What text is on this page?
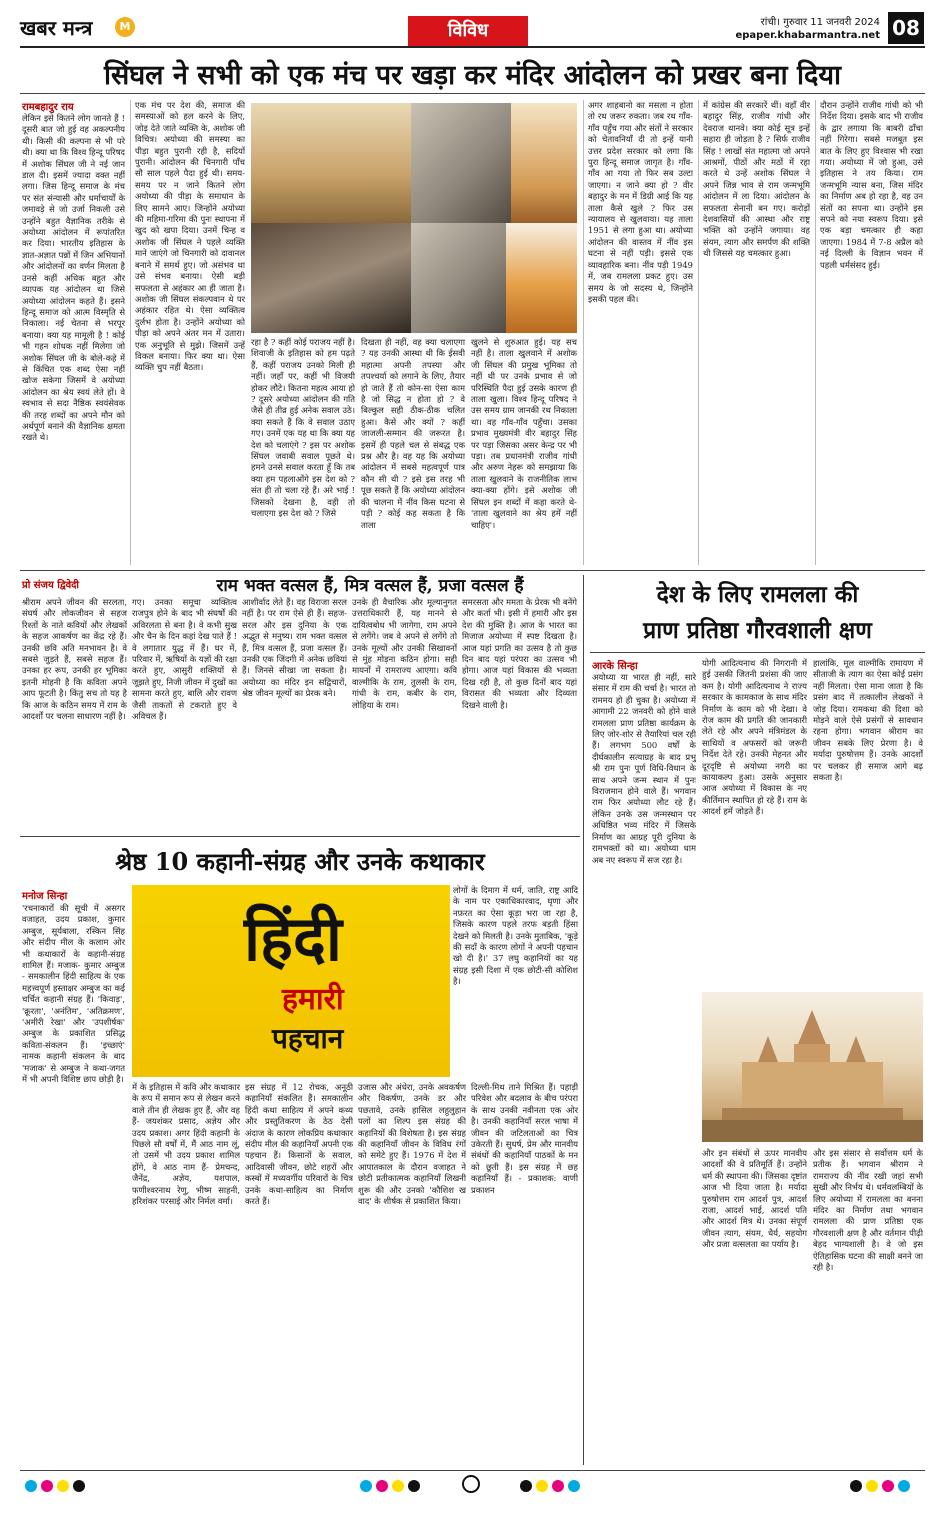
खबर मन्त्र	M	विविध	रांची। गुरुवार 11 जनवरी 2024
epaper.khabarmantra.net 08
सिंघल ने सभी को एक मंच पर खड़ा कर मंदिर आंदोलन को प्रखर बना दिया
रामबहादुर राय
लेकिन इसे कितने लोग जानते हैं ! दूसरी बात जो हुई वह अकल्पनीय थी। किसी की कल्पना से भी परे थी। क्या था कि विश्व हिन्दू परिषद में अशोक सिंघल जी ने नई जान डाल दी। इसमें ज्यादा वक्त नहीं लगा। जिस हिन्दू समाज के मंच पर संत संन्यासी और धर्माचार्यों के जमावड़े से जो उर्जा निकली उसे उन्होंने बहुत वैज्ञानिक तरीके से अयोध्या आंदोलन में रूपांतरित कर दिया। भारतीय इतिहास के ज्ञात-अज्ञात पन्नों में जिन अभियानों और आंदोलनों का वर्णन मिलता है उनसे कहीं अधिक बहुत और व्यापक यह आंदोलन था जिसे अयोध्या आंदोलन कहते हैं। इसने हिन्दू समाज को आत्म विस्मृति से निकाला। नई चेतना से भरपूर बनाया। क्या यह मामूली है ! कोई भी गहन शोधक नहीं मिलेगा जो अशोक सिंघल जी के बोले-कहे में से किंचित एक शब्द ऐसा नहीं खोज सकेगा जिसमें वे अयोध्या आंदोलन का श्रेय स्वयं लेते हों। वे स्वभाव से सदा नैष्ठिक स्वयंसेवक की तरह शब्दों का अपने मौन को अर्थपूर्ण बनाने की वैज्ञानिक क्षमता रखते थे।
एक मंच पर देश की, समाज की समस्याओं को हल करने के लिए, जोड़ देते जाते व्यक्ति के, अशोक जी विचित्र। अयोध्या की समस्या का पीड़ा बहुत पुरानी रही है, सदियों पुरानी। आंदोलन की चिनगारी पाँच सौ साल पहले पैदा हुई थी। समय-समय पर न जाने कितने लोग अयोध्या की पीड़ा के समाधान के लिए सामने आए। जिन्होंने अयोध्या की महिमा-गरिमा की पुनः स्थापना में खुद को खपा दिया। उनमें चिन्ह व अशोक जी सिंघल ने पहले व्यक्ति माने जाएंगे जो चिनगारी को दावानल बनाने में समर्थ हुए। जो असंभव था उसे संभव बनाया। ऐसी बड़ी सफलता से अहंकार आ ही जाता है। अशोक जी सिंघल संकल्पवान थे पर अहंकार रहित थे। ऐसा व्यक्तित्व दुर्लभ होता है। उन्होंने अयोध्या को पीड़ा को अपने अंतर मन में उतारा। एक अनुभूति से मुझे। जिसमें उन्हें विकल बनाया। फिर क्या था। ऐसा व्यक्ति चुप नहीं बैठता।
रहा है ? कहीं कोई पराजय नहीं है। शिवाजी के इतिहास को हम पढ़ते हैं, कहीं पराजय उनको मिली ही नहीं। जहाँ पर, कहीं भी विजयी होकर लौटे। कितना महत्व आया हो ? दूसरे अयोध्या आंदोलन की गति जैसे ही तीव्र हुई अनेक सवाल उठे। क्या सकते हैं कि वे सवाल उठाए गए। उनमें एक यह था कि क्या यह देश को चलाएंगे ? इस पर अशोक सिंघल जवाबी सवाल पूछते थे। हमने उनसे सवाल करता हूँ कि तब क्या हम पहलाओंगे इस देश को ? संत ही तो चला रहे हैं। अरे भाई ! जिसको देखना है, वही तो चलाएगा इस देश को ? जिसे
दिखता ही नहीं, वह क्या चलाएगा ? यह उनकी आस्था थी कि ईसवी महात्मा अपनी तपस्या और तपश्चर्या को लगाने के लिए, तैयार हो जाते हैं तो कोन-सा ऐसा काम है जो सिद्ध न होता हो ? वे बिल्कुल सही ठीक-ठीक चलित हुआ। कैसे और क्यों ? कहीं जाजली-सम्मान की जरूरत है। इसमें ही पहले चल से संबद्ध एक प्रश्न और है। वह यह कि अयोध्या आंदोलन में सबसे महत्वपूर्ण पात्र कौन सी थी ? इसे इस तरह भी पूछ सकते हैं कि अयोध्या आंदोलन की चालना में नींव किस घटना से पड़ी ? कोई कह सकता है कि ताला
खुलने से शुरुआत हुई। यह सच नहीं है। ताला खुलवाने में अशोक जी सिंघल की प्रमुख भूमिका तो नहीं थी पर उनके प्रभाव से जो परिस्थिति पैदा हुई उसके कारण ही ताला खुला। विश्व हिन्दू परिषद ने उस समय ग्राम जानकी रथ निकाला था। वह गाँव-गाँव पहुँचा। उसका प्रभाव मुख्यमंत्री वीर बहादुर सिंह पर पड़ा जिसका असर केन्द्र पर भी पड़ा। तब प्रधानमंत्री राजीव गांधी और अरुण नेहरू को समझाया कि ताला खुलवाने के राजनीतिक लाभ क्या-क्या होंगे। इसे अशोक जी सिंघल इन शब्दों में कहा करते थे- 'ताला खुलवाने का श्रेय हमें नहीं चाहिए'।
अगर शाहबानो का मसला न होता तो रथ जरूर रुकता। जब रथ गाँव-गाँव पहुँच गया और संतों ने सरकार को चेतावनियाँ दी तो इन्हें यानी उत्तर प्रदेश सरकार को लगा कि पुरा हिन्दू समाज जागृत है। गाँव-गाँव आ गया तो फिर सब उल्टा जाएगा। न जाने क्या हो ? वीर बहादुर के मन में डिग्री आई कि यह ताला कैसे खुले ? फिर उस न्यायालय से खुलवाया। यह ताला 1951 से लगा हुआ था। अयोध्या आंदोलन की वास्तव में नींव इस घटना से नहीं पड़ी। इससे एक व्यावहारिक बना। नींव पड़ी 1949 में, जब रामलला प्रकट हुए। उस समय के जो सदस्य थे, जिन्होंने इसकी पहल की।
में कांग्रेस की सरकारें थीं। वहाँ वीर बहादुर सिंह, राजीव गांधी और देवराज थानवे। क्या कोई सूत्र इन्हें सहारा ही जोड़ता है ? सिर्फ राजीव सिंह ! लाखों संत महात्मा जो अपने आश्रमों, पीठों और मठों में रहा करते थे उन्हें अशोक सिंघल ने अपने जिन्न भाव से राम जन्मभूमि आंदोलन में ला दिया। आंदोलन के सफलता सेनानी बन गए। करोड़ों देशवासियों की आस्था और राष्ट्र भक्ति को उन्होंने जगाया। वह संयम, त्याग और समर्पण की शक्ति थी जिससे यह चमत्कार हुआ।
दौरान उन्होंने राजीव गांधी को भी निर्देश दिया। इसके बाद भी राजीव के द्वार लगाया कि बाबरी ढाँचा नहीं गिरेगा। सबसे मजबूत इस बात के लिए हुए विश्वास भी रखा गया। अयोध्या में जो हुआ, उसे इतिहास ने तय किया। राम जन्मभूमि न्यास बना, जिस मंदिर का निर्माण अब हो रहा है, वह उन संतों का सपना था। उन्होंने इस सपने को नया स्वरूप दिया। इसे एक बड़ा चमत्कार ही कहा जाएगा। 1984 में 7-8 अप्रैल को नई दिल्ली के विज्ञान भवन में पहली धर्मसंसद हुई।
प्रो संजय द्विवेदी	राम भक्त वत्सल हैं, मित्र वत्सल हैं, प्रजा वत्सल हैं
श्रीराम अपने जीवन की सरलता, संघर्ष और लोकजीवन से सहज रिश्तों के नाते कवियों और लेखकों के सहज आकर्षण का केंद्र रहे हैं। उनकी छवि अति मनभावन है। वे सबसे जुड़ते हैं, सबसे सहज हैं। उनका हर रूप, उनकी हर भूमिका इतनी मोहनी है कि कविता अपने आप फूटती है। किंतु सच तो यह है कि आज के कठिन समय में राम के आदर्शों पर चलना साधारण नहीं है।
गए। उनका समूचा व्यक्तित्व राजपुत्र होने के बाद भी संघर्षों की अविरलता से बना है। वे कभी सुख और चैन के दिन कहां देख पाते हैं ! वे लगातार युद्ध में हैं। घर में, परिवार में, ऋषियों के यज्ञों की रक्षा करते हुए, आसुरी शक्तियों से जूझते हुए, निजी जीवन में दुखों का सामना करते हुए, बालि और रावण जैसी ताकतों से टकराते हुए वे अविचल हैं।
आशीर्वाद लेते हैं। वह विराजा सरल नहीं है। पर राम ऐसे ही हैं। सहज-सरल और इस दुनिया के एक अद्भुत से मनुष्य। राम भक्त वत्सल हैं, मित्र वत्सल हैं, प्रजा वत्सल हैं। उनकी एक जिंदगी में अनेक छवियां हैं। जिनसे सीखा जा सकता है। अयोध्या का मंदिर इन सद्विचारों, श्रेष्ठ जीवन मूल्यों का प्रेरक बने।
उनके ही वैचारिक और मूल्यानुगत उत्तराधिकारी हैं, यह मानने से दायित्वबोध भी जागेगा, राम अपने से लगेंगे। जब वे अपने से लगेंगे तो उनके मूल्यों और उनकी सिखावनों से मुंह मोड़ना कठिन होगा। सही मायनों में रामराज्य आएगा। कवि वाल्मीकि के राम, तुलसी के राम, गांधी के राम, कबीर के राम, लोहिया के राम।
समरसता और ममता के प्रेरक भी बनेंगे और कर्ता भी। इसी में हमारी और इस देश की मुक्ति है। आज के भारत का मिजाज अयोध्या में स्पष्ट दिखता है। आज यहां प्रगति का उत्सव है तो कुछ दिन बाद यहां परंपरा का उत्सव भी होगा। आज यहां विकास की भव्यता दिख रही है, तो कुछ दिनों बाद यहां विरासत की भव्यता और दिव्यता दिखने वाली है।
श्रेष्ठ 10 कहानी-संग्रह और उनके कथाकार
मनोज सिन्हा
'रचनाकारों की सूची में असगर वजाहत, उदय प्रकाश, कुमार अम्बुज, सूर्यबाला, रस्किन सिंह और संदीप मील के कलाम ओर भी कथाकारों के कहानी-संग्रह शामिल हैं। मजाक- कुमार अम्बुज - समकालीन हिंदी साहित्य के एक महत्त्वपूर्ण हस्ताक्षर अम्बुज का कई चर्चित कहानी संग्रह हैं। 'किवाड़', 'क्रूरता', 'अनंतिम', 'अतिक्रमण', 'अमीरी रेखा' और 'उपशीर्षक' अम्बुज के प्रकाशित प्रसिद्ध कविता-संकलन हैं। 'इच्छाएं' नामक कहानी संकलन के बाद 'मजाक' से अम्बुज ने कथा-जगत में भी अपनी विशिष्ट छाप छोड़ी है।
हिंदी
हमारी
पहचान
लोगों के दिमाग में धर्म, जाति, राष्ट्र आदि के नाम पर एकाधिकारवाद, घृणा और नफ़रत का ऐसा कूड़ा भरा जा रहा है, जिसके कारण पहले तरफ बड़ती हिंसा देखने को मिलती है। उनके मुताबिक, 'कूड़े की सदाँ के कारण लोगों ने अपनी पहचान खो दी है।' 37 लघु कहानियों का यह संग्रह इसी दिशा में एक छोटी-सी कोशिश है।
में के इतिहास में कवि और कथाकार के रूप में समान रूप से लेखन करने वाले तीन ही लेखक हुए हैं, और वह हैं- जयशंकर प्रसाद, अज्ञेय और उदय प्रकाश। अगर हिंदी कहानी के पिछले सौ वर्षों में, मैं आठ नाम लूं, तो उसमें भी उदय प्रकाश शामिल होंगे, वे आठ नाम हैं- प्रेमचन्द, जैनेंद्र, अज्ञेय, यशपाल, फणीश्वरनाथ रेणु, भीष्म साहनी, हरिशंकर परसाई और निर्मल वर्मा।
इस संग्रह में 12 रोचक, अनूठी कहानियाँ संकलित हैं। समकालीन हिंदी कथा साहित्य में अपने कथ्य और प्रस्तुतिकरण के ठेठ देसी अंदाज के कारण लोकप्रिय कथाकार संदीप मील की कहानियाँ अपनी एक पहचान हैं। किसानों के सवाल, आदिवासी जीवन, छोटे शहरों और कस्बों में मध्यवर्गीय परिवारों के चित्र उनके कथा-साहित्य का निर्माण करते हैं।
उजास और अंधेरा, उनके अवकर्षण और विकर्षण, उनके डर और पछतावे, उनके हासिल लहुलुहान पलों का शिल्प इस संग्रह की कहानियों की विशेषता है। इस संग्रह की कहानियाँ जीवन के विविध रंगों को समेटे हुए हैं। 1976 में देश में आपातकाल के दौरान वजाहत ने छोटी प्रतीकात्मक कहानियाँ लिखनी शुरू की और उनको 'कौशिश ख वाद' के शीर्षक से प्रकाशित किया।
दिल्ली-मिथ ताने मिश्रित हैं। पहाड़ी परिवेश और बदलाव के बीच परंपरा के साथ उनकी नवीनता एक ओर है। उनकी कहानियाँ सरल भाषा में जीवन की जटिलताओं का चित्र उकेरती हैं। सुधर्ष, प्रेम और मानवीय संबंधों की कहानियाँ पाठकों के मन को छूती हैं। इस संग्रह में छह कहानियाँ हैं। - प्रकाशक: वाणी प्रकाशन
देश के लिए रामलला की
प्राण प्रतिष्ठा गौरवशाली क्षण
आरके सिन्हा
अयोध्या या भारत ही नहीं, सारे संसार में राम की चर्चा है। भारत तो राममय हो ही चुका है। अयोध्या में आगामी 22 जनवरी को होने वाले रामलला प्राण प्रतिष्ठा कार्यक्रम के लिए जोर-शोर से तैयारियां चल रही हैं। लगभग 500 वर्षों के दीर्घकालीन सत्याग्रह के बाद प्रभु श्री राम पुनः पूर्ण विधि-विधान के साथ अपने जन्म स्थान में पुनः विराजमान होने वाले हैं। भगवान राम फिर अयोध्या लौट रहे हैं। लेकिन उनके उस जन्मस्थान पर अधिष्ठित भव्य मंदिर में जिसके निर्माण का आग्रह पूरी दुनिया के रामभक्तों को था। अयोध्या धाम अब नए स्वरूप में सज रहा है।
योगी आदित्यनाथ की निगरानी में हुई उसकी जितनी प्रशंसा की जाए कम है। योगी आदित्यनाथ ने राज्य सरकार के कामकाज के साथ मंदिर निर्माण के काम को भी देखा। वे रोज काम की प्रगति की जानकारी लेते रहे और अपने मंत्रिमंडल के साथियों व अफसरों को जरूरी निर्देश देते रहे। उनकी मेहनत और दूरदृष्टि से अयोध्या नगरी का कायाकल्प हुआ। उसके अनुसार आज अयोध्या में विकास के नए कीर्तिमान स्थापित हो रहे हैं। राम के आदर्श हमें जोड़ते हैं।
हालांकि, मूल वाल्मीकि रामायण में सीताजी के त्याग का ऐसा कोई प्रसंग नहीं मिलता। ऐसा माना जाता है कि प्रसंग बाद में तत्कालीन लेखकों ने जोड़ दिया। रामकथा की दिशा को मोड़ने वाले ऐसे प्रसंगों से सावधान रहना होगा। भगवान श्रीराम का जीवन सबके लिए प्रेरणा है। वे मर्यादा पुरुषोत्तम हैं। उनके आदर्शों पर चलकर ही समाज आगे बढ़ सकता है।
और इन संबंधों से ऊपर मानवीय आदर्शों की वे प्रतिमूर्ति हैं। उन्होंने धर्म की स्थापना की। जिसका दृष्टांत आज भी दिया जाता है। मर्यादा पुरुषोत्तम राम आदर्श पुत्र, आदर्श राजा, आदर्श भाई, आदर्श पति और आदर्श मित्र थे। उनका संपूर्ण जीवन त्याग, संयम, धैर्य, सहयोग और प्रजा वत्सलता का पर्याय है।
और इस संसार से सर्वोत्तम धर्म के प्रतीक हैं। भगवान श्रीराम ने रामराज्य की नींव रखी जहां सभी सुखी और निर्भय थे। धर्मवलम्बियों के लिए अयोध्या में रामलला का बनना मंदिर का निर्माण तथा भगवान रामलला की प्राण प्रतिष्ठा एक गौरवशाली क्षण है और वर्तमान पीढ़ी बेहद भाग्यशाली है। वे जो इस ऐतिहासिक घटना की साक्षी बनने जा रही है।
